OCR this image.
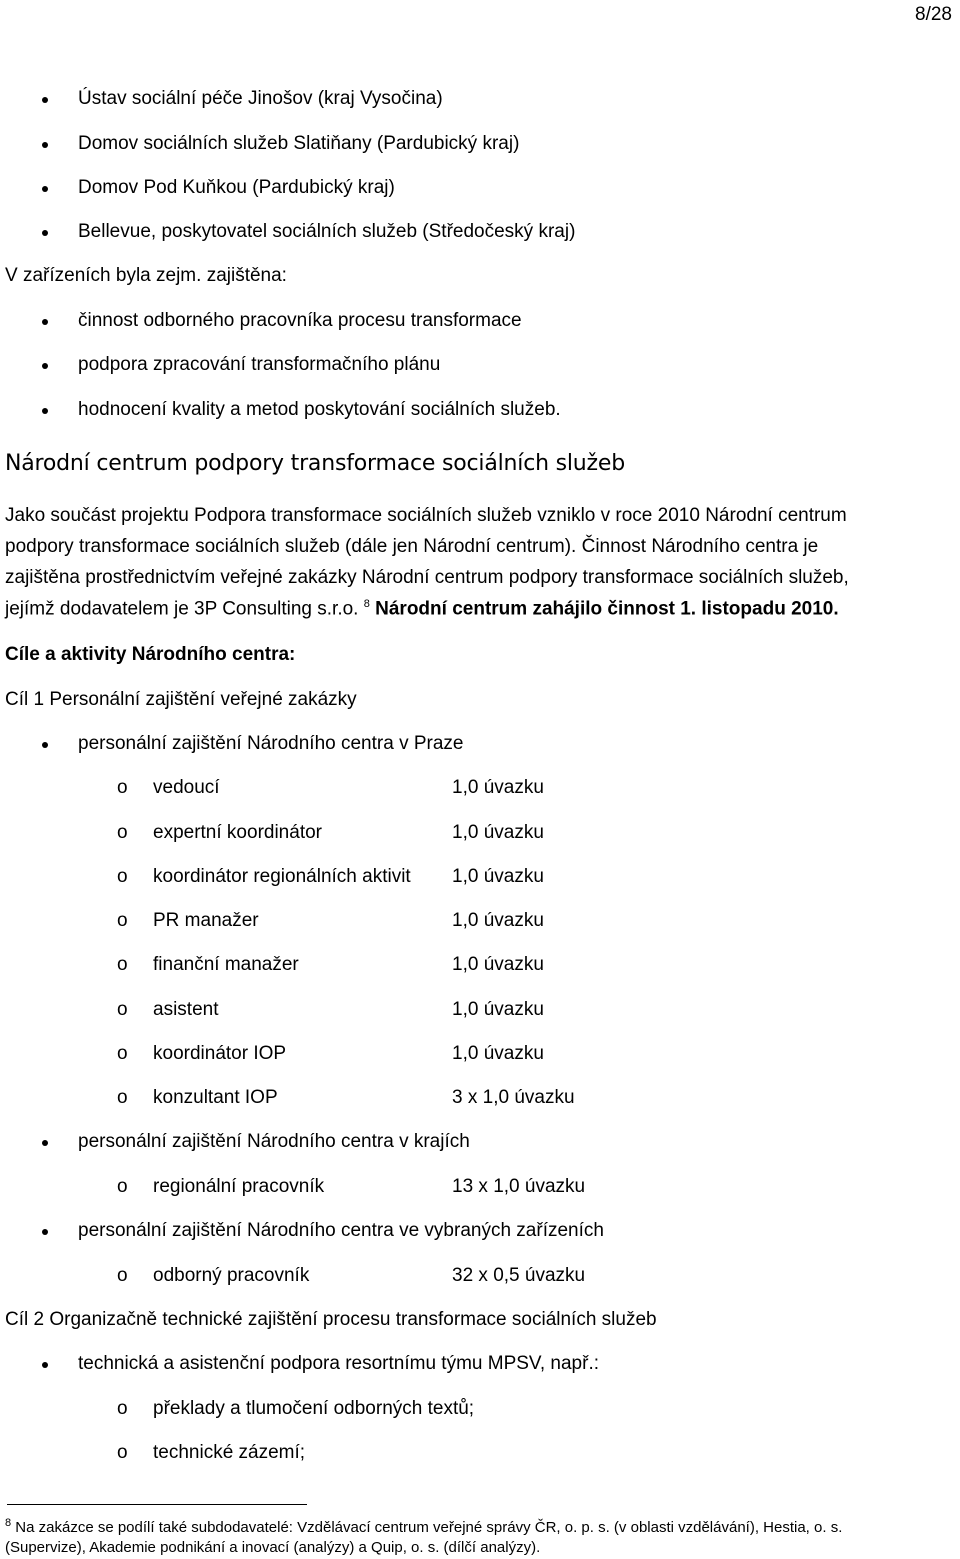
8/28
Ústav sociální péče Jinošov (kraj Vysočina)
Domov sociálních služeb Slatiňany (Pardubický kraj)
Domov Pod Kuňkou (Pardubický kraj)
Bellevue, poskytovatel sociálních služeb (Středočeský kraj)
V zařízeních byla zejm. zajištěna:
činnost odborného pracovníka procesu transformace
podpora zpracování transformačního plánu
hodnocení kvality a metod poskytování sociálních služeb.
Národní centrum podpory transformace sociálních služeb
Jako součást projektu Podpora transformace sociálních služeb vzniklo v roce 2010 Národní centrum
podpory transformace sociálních služeb (dále jen Národní centrum). Činnost Národního centra je
zajištěna prostřednictvím veřejné zakázky Národní centrum podpory transformace sociálních služeb,
jejímž dodavatelem je 3P Consulting s.r.o. $^8$ Národní centrum zahájilo činnost 1. listopadu 2010.
Cíle a aktivity Národního centra:
Cíl 1 Personální zajištění veřejné zakázky
personální zajištění Národního centra v Praze
o vedoucí	1,0 úvazku
o expertní koordinátor	1,0 úvazku
o koordinátor regionálních aktivit 1,0 úvazku
o PR manažer	1,0 úvazku
o finanční manažer	1,0 úvazku
o asistent	1,0 úvazku
o koordinátor IOP	1,0 úvazku
o konzultant IOP	3 x 1,0 úvazku
personální zajištění Národního centra v krajích
o regionální pracovník	13 x 1,0 úvazku
personální zajištění Národního centra ve vybraných zařízeních
o odborný pracovník	32 x 0,5 úvazku
Cíl 2 Organizačně technické zajištění procesu transformace sociálních služeb
technická a asistenční podpora resortnímu týmu MPSV, např.:
o překlady a tlumočení odborných textů;
o technické zázemí;
$^8$ Na zakázce se podílí také subdodavatelé: Vzdělávací centrum veřejné správy ČR, o. p. s. (v oblasti vzdělávání), Hestia, o. s.
(Supervize), Akademie podnikání a inovací (analýzy) a Quip, o. s. (dílčí analýzy).
